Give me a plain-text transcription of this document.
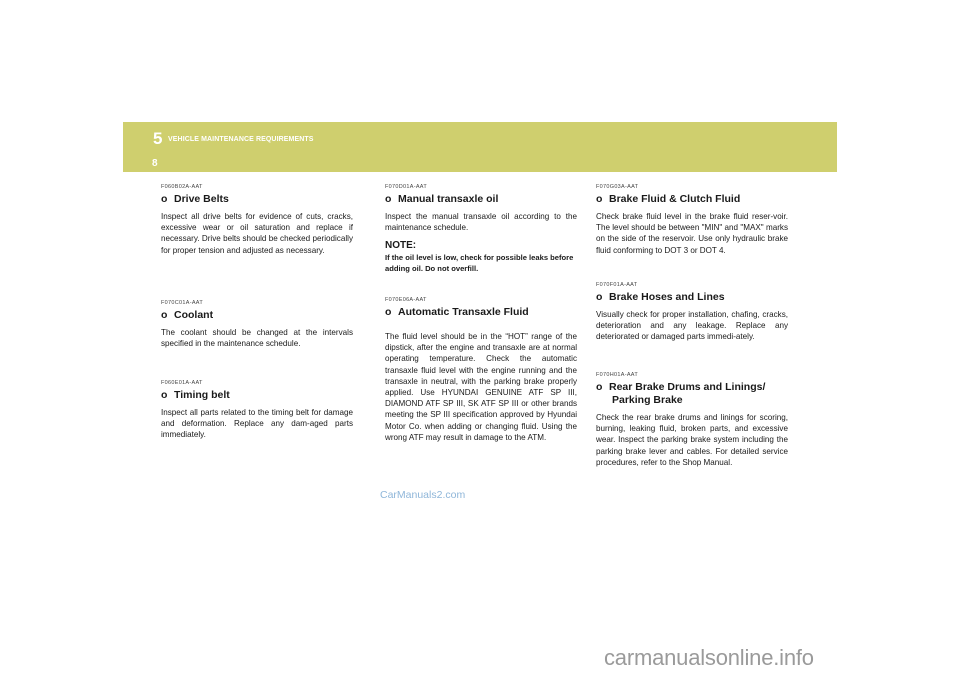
5 VEHICLE MAINTENANCE REQUIREMENTS
8
F060B02A-AAT
o Drive Belts

Inspect all drive belts for evidence of cuts, cracks, excessive wear or oil saturation and replace if necessary. Drive belts should be checked periodically for proper tension and adjusted as necessary.

F070C01A-AAT
o Coolant

The coolant should be changed at the intervals specified in the maintenance schedule.

F060E01A-AAT
o Timing belt

Inspect all parts related to the timing belt for damage and deformation. Replace any dam-aged parts immediately.

F070D01A-AAT
o Manual transaxle oil

Inspect the manual transaxle oil according to the maintenance schedule.

NOTE:

If the oil level is low, check for possible leaks before adding oil. Do not overfill.

F070E06A-AAT
o Automatic Transaxle Fluid

The fluid level should be in the “HOT” range of the dipstick, after the engine and transaxle are at normal operating temperature. Check the automatic transaxle fluid level with the engine running and the transaxle in neutral, with the parking brake properly applied. Use HYUNDAI GENUINE ATF SP III, DIAMOND ATF SP III, SK ATF SP III or other brands meeting the SP III specification approved by Hyundai Motor Co. when adding or changing fluid. Using the wrong ATF may result in damage to the ATM.

F070G03A-AAT
o Brake Fluid & Clutch Fluid

Check brake fluid level in the brake fluid reser-voir. The level should be between "MIN" and "MAX" marks on the side of the reservoir. Use only hydraulic brake fluid conforming to DOT 3 or DOT 4.

F070F01A-AAT
o Brake Hoses and Lines

Visually check for proper installation, chafing, cracks, deterioration and any leakage. Replace any deteriorated or damaged parts immedi-ately.

F070H01A-AAT
o Rear Brake Drums and Linings/
Parking Brake

Check the rear brake drums and linings for scoring, burning, leaking fluid, broken parts, and excessive wear. Inspect the parking brake system including the parking brake lever and cables. For detailed service procedures, refer to the Shop Manual.

CarManuals2.com
carmanualsonline.info
